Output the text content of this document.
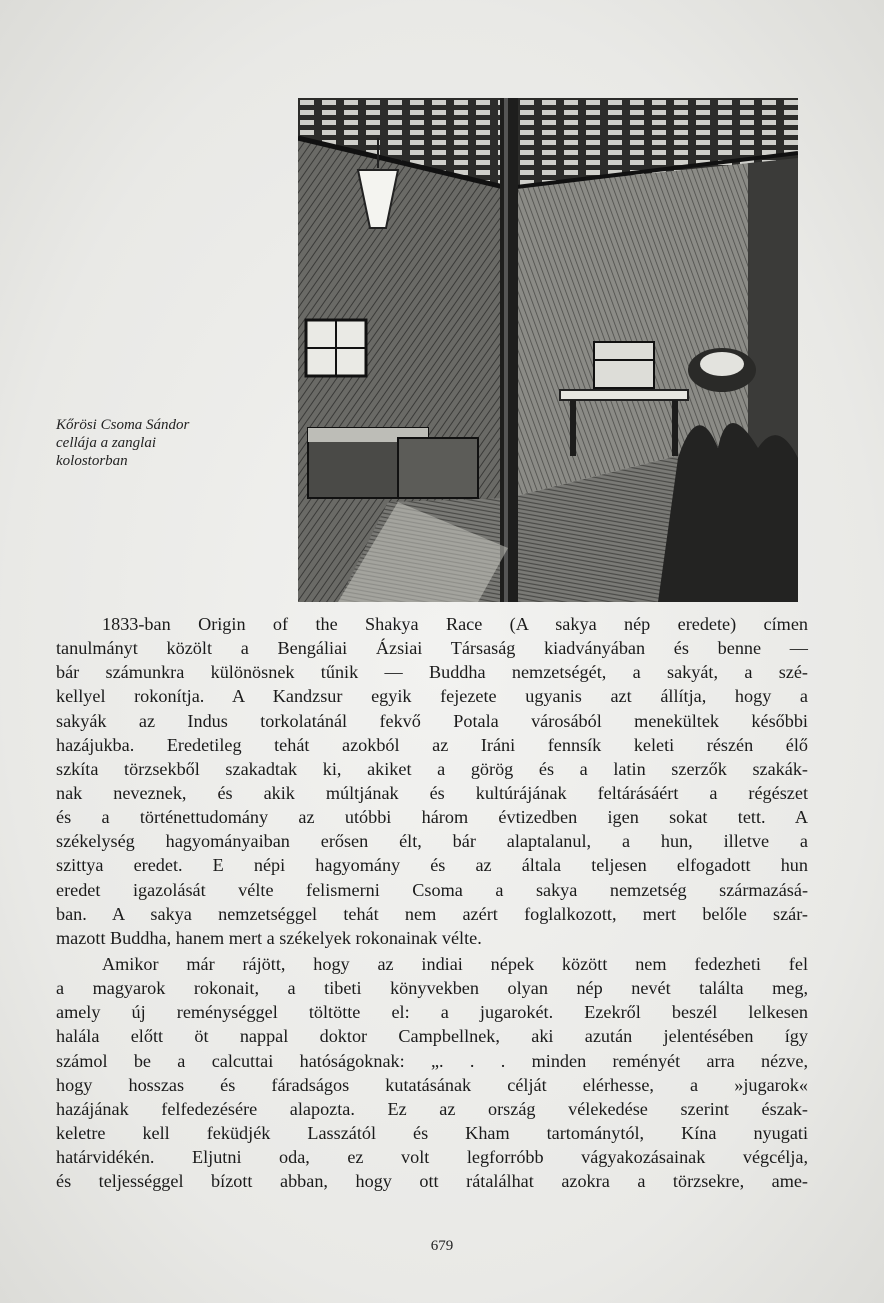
Kőrösi Csoma Sándor
cellája a zanglai
kolostorban

1833-ban Origin of the Shakya Race (A sakya nép eredete) címen
tanulmányt közölt a Bengáliai Ázsiai Társaság kiadványában és benne —
bár számunkra különösnek tűnik — Buddha nemzetségét, a sakyát, a szé-
kellyel rokonítja. A Kandzsur egyik fejezete ugyanis azt állítja, hogy a
sakyák az Indus torkolatánál fekvő Potala városából menekültek későbbi
hazájukba. Eredetileg tehát azokból az Iráni fennsík keleti részén élő
szkíta törzsekből szakadtak ki, akiket a görög és a latin szerzők szakák-
nak neveznek, és akik múltjának és kultúrájának feltárásáért a régészet
és a történettudomány az utóbbi három évtizedben igen sokat tett. A
székelység hagyományaiban erősen élt, bár alaptalanul, a hun, illetve a
szittya eredet. E népi hagyomány és az általa teljesen elfogadott hun
eredet igazolását vélte felismerni Csoma a sakya nemzetség származásá-
ban. A sakya nemzetséggel tehát nem azért foglalkozott, mert belőle szár-
mazott Buddha, hanem mert a székelyek rokonainak vélte.

Amikor már rájött, hogy az indiai népek között nem fedezheti fel
a magyarok rokonait, a tibeti könyvekben olyan nép nevét találta meg,
amely új reménységgel töltötte el: a jugarokét. Ezekről beszél lelkesen
halála előtt öt nappal doktor Campbellnek, aki azután jelentésében így
számol be a calcuttai hatóságoknak: „. . . minden reményét arra nézve,
hogy hosszas és fáradságos kutatásának célját elérhesse, a »jugarok«
hazájának felfedezésére alapozta. Ez az ország vélekedése szerint észak-
keletre kell feküdjék Lasszától és Kham tartománytól, Kína nyugati
határvidékén. Eljutni oda, ez volt legforróbb vágyakozásainak végcélja,
és teljességgel bízott abban, hogy ott rátalálhat azokra a törzsekre, ame-

679
